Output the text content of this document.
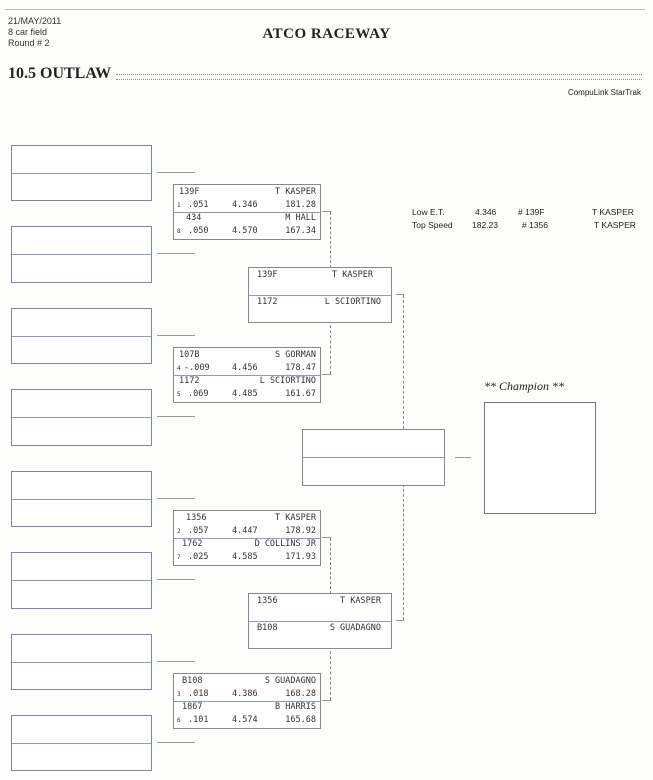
21/MAY/2011
8 car field
Round # 2
ATCO RACEWAY
10.5 OUTLAW
CompuLink StarTrak
Low E.T.	4.346	# 139F	T KASPER
Top Speed 182.23	# 1356	T KASPER
139F	T KASPER
1 .051	4.346	181.28
434	M HALL
8 .050	4.570	167.34
107B	S GORMAN
4 -.009	4.456	178.47
1172	L SCIORTINO
5 .069	4.485	161.67
1356	T KASPER
2 .057	4.447	178.92
1762	D COLLINS JR
7 .025	4.585	171.93
B108	S GUADAGNO
3 .018	4.386	168.28
1867	B HARRIS
6 .101	4.574	165.68
139F	T KASPER
1172	L SCIORTINO
1356	T KASPER
B108	S GUADAGNO
** Champion **
